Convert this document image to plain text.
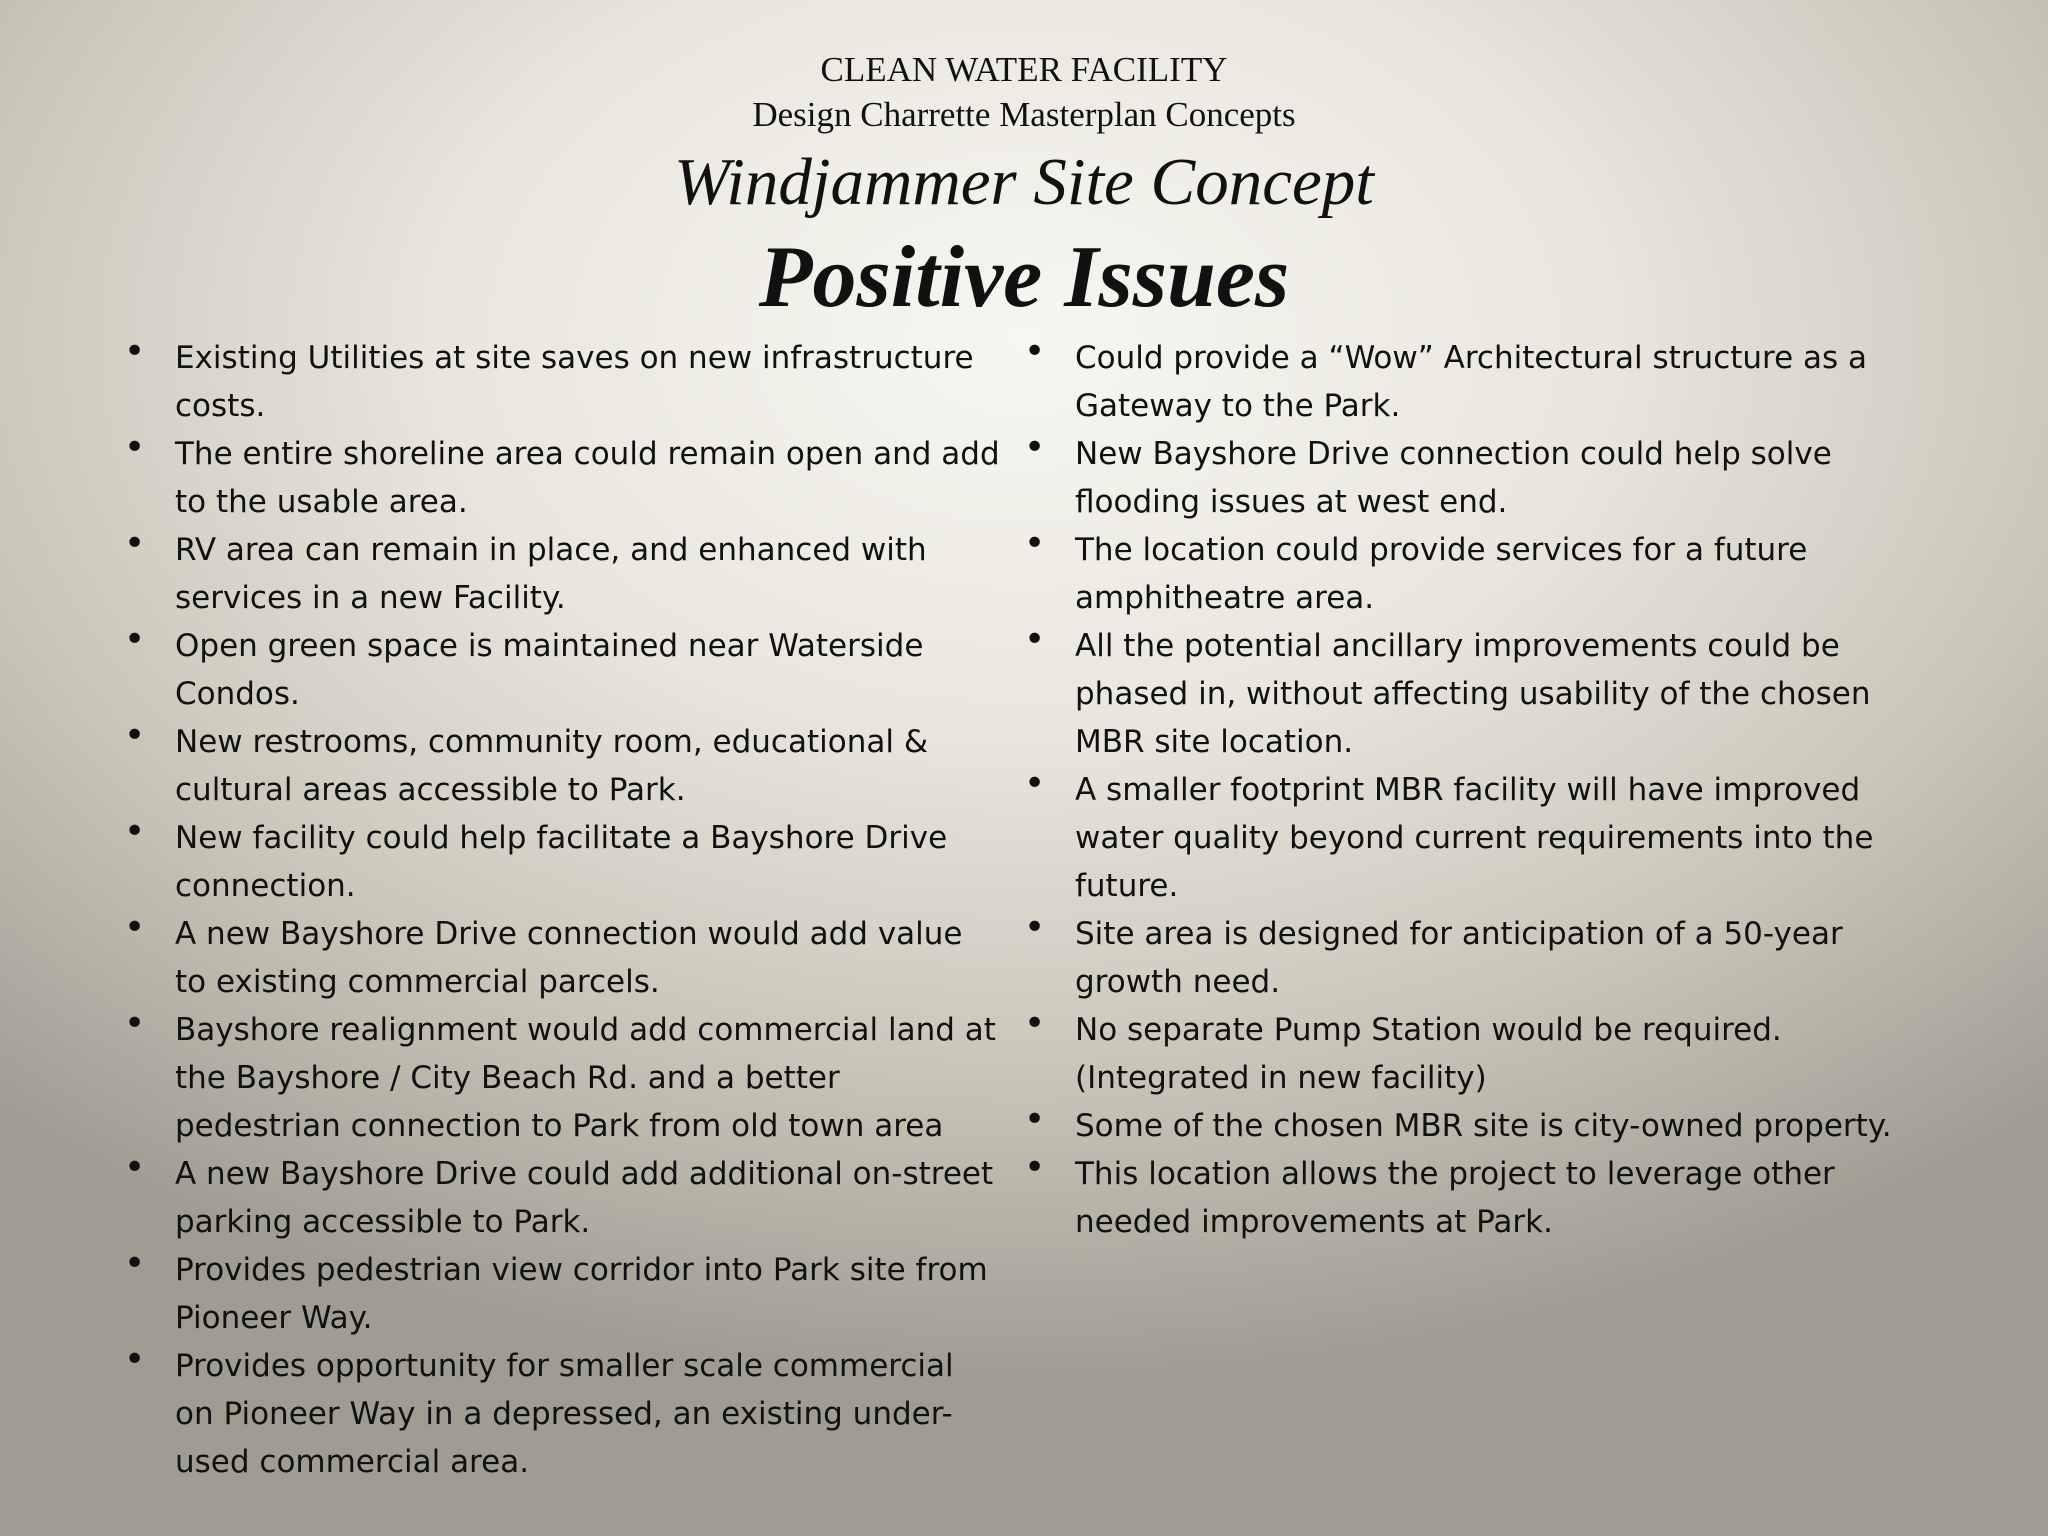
CLEAN WATER FACILITY
Design Charrette Masterplan Concepts
Windjammer Site Concept
Positive Issues
• Existing Utilities at site saves on new infrastructure costs.
• The entire shoreline area could remain open and add to the usable area.
• RV area can remain in place, and enhanced with services in a new Facility.
• Open green space is maintained near Waterside Condos.
• New restrooms, community room, educational & cultural areas accessible to Park.
• New facility could help facilitate a Bayshore Drive connection.
• A new Bayshore Drive connection would add value to existing commercial parcels.
• Bayshore realignment would add commercial land at the Bayshore / City Beach Rd. and a better pedestrian connection to Park from old town area
• A new Bayshore Drive could add additional on-street parking accessible to Park.
• Provides pedestrian view corridor into Park site from Pioneer Way.
• Provides opportunity for smaller scale commercial on Pioneer Way in a depressed, an existing under-used commercial area.
• Could provide a “Wow” Architectural structure as a Gateway to the Park.
• New Bayshore Drive connection could help solve flooding issues at west end.
• The location could provide services for a future amphitheatre area.
• All the potential ancillary improvements could be phased in, without affecting usability of the chosen MBR site location.
• A smaller footprint MBR facility will have improved water quality beyond current requirements into the future.
• Site area is designed for anticipation of a 50-year growth need.
• No separate Pump Station would be required. (Integrated in new facility)
• Some of the chosen MBR site is city-owned property.
• This location allows the project to leverage other needed improvements at Park.
